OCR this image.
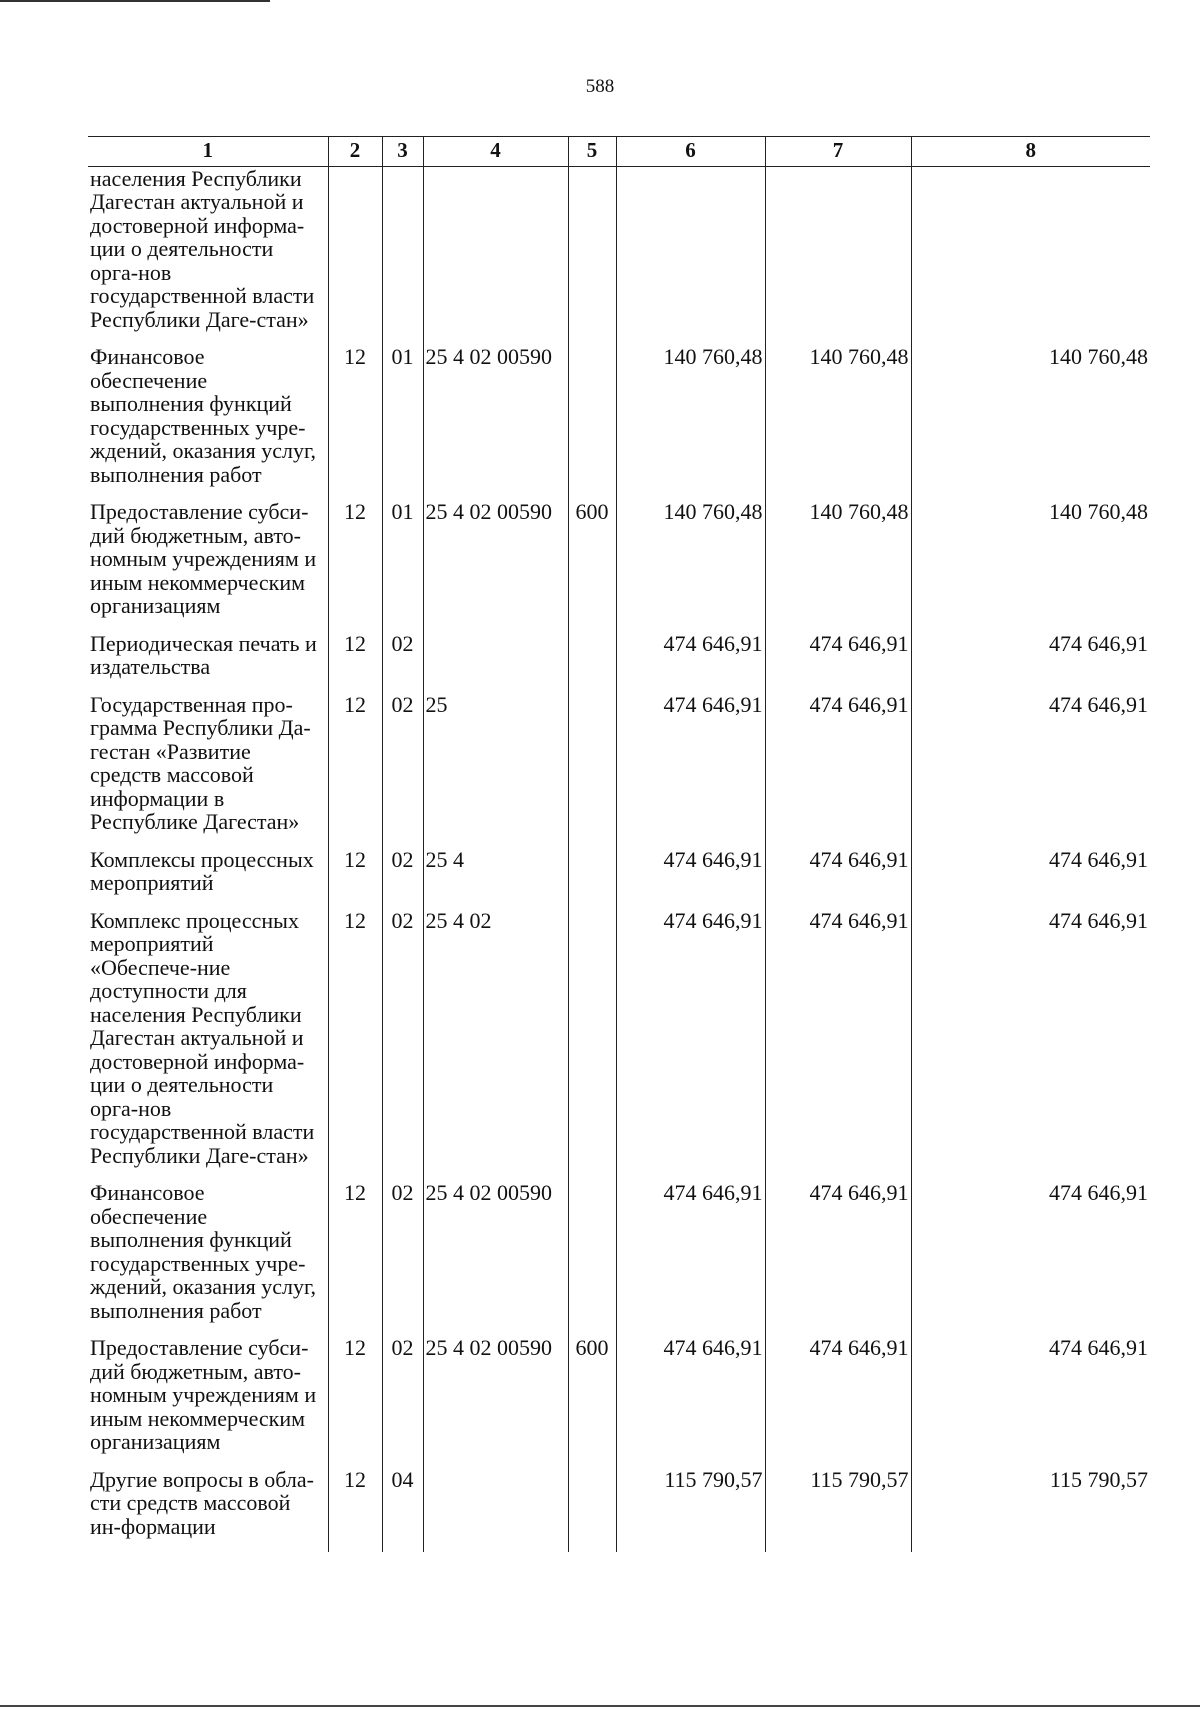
588
1	2	3	4	5	6	7	8
населения Республики Дагестан актуальной и достоверной информа-ции о деятельности орга-нов государственной власти Республики Даге-стан»							
Финансовое обеспечение выполнения функций государственных учре-ждений, оказания услуг, выполнения работ	12	01	25 4 02 00590		140 760,48	140 760,48	140 760,48
Предоставление субси-дий бюджетным, авто-номным учреждениям и иным некоммерческим организациям	12	01	25 4 02 00590	600	140 760,48	140 760,48	140 760,48
Периодическая печать и издательства	12	02			474 646,91	474 646,91	474 646,91
Государственная про-грамма Республики Да-гестан «Развитие средств массовой информации в Республике Дагестан»	12	02	25		474 646,91	474 646,91	474 646,91
Комплексы процессных мероприятий	12	02	25 4		474 646,91	474 646,91	474 646,91
Комплекс процессных мероприятий «Обеспече-ние доступности для населения Республики Дагестан актуальной и достоверной информа-ции о деятельности орга-нов государственной власти Республики Даге-стан»	12	02	25 4 02		474 646,91	474 646,91	474 646,91
Финансовое обеспечение выполнения функций государственных учре-ждений, оказания услуг, выполнения работ	12	02	25 4 02 00590		474 646,91	474 646,91	474 646,91
Предоставление субси-дий бюджетным, авто-номным учреждениям и иным некоммерческим организациям	12	02	25 4 02 00590	600	474 646,91	474 646,91	474 646,91
Другие вопросы в обла-сти средств массовой ин-формации	12	04			115 790,57	115 790,57	115 790,57
